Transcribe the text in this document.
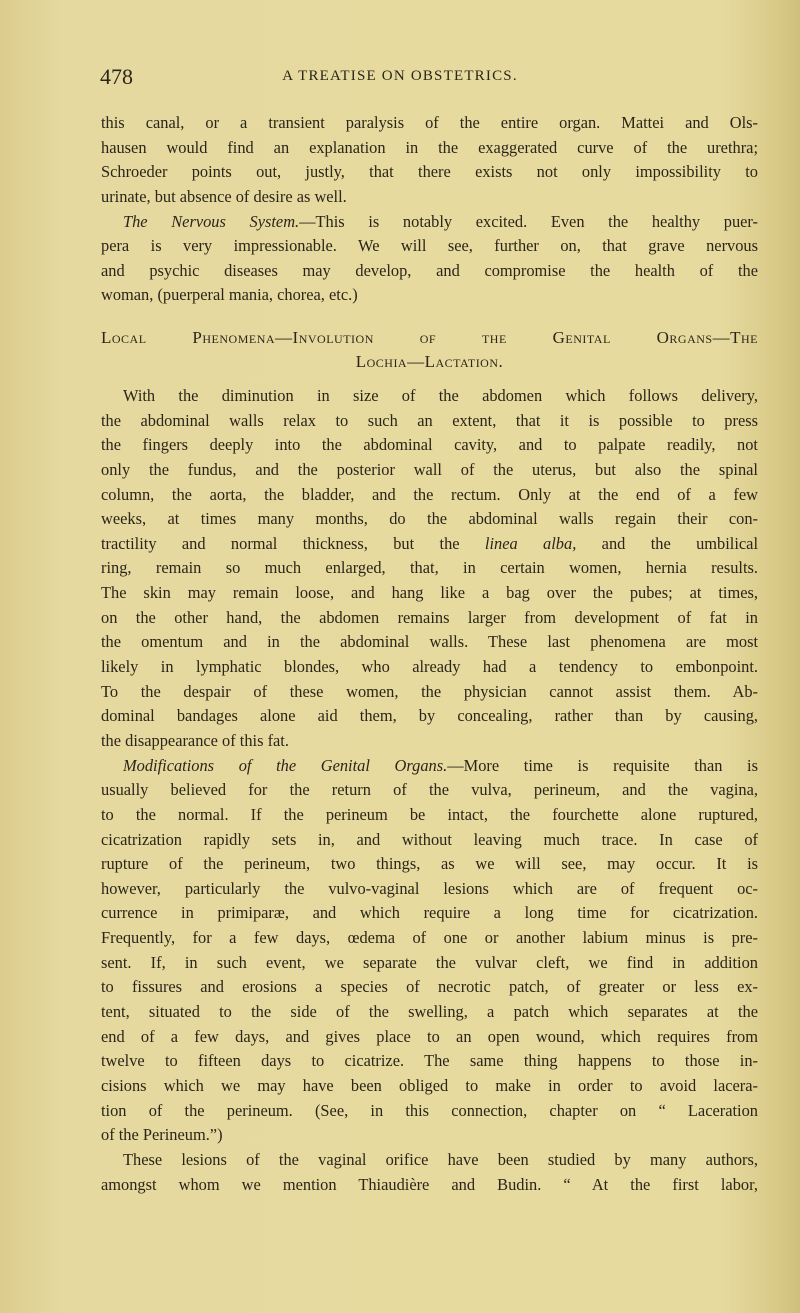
478	A TREATISE ON OBSTETRICS.
this canal, or a transient paralysis of the entire organ. Mattei and Ols-
hausen would find an explanation in the exaggerated curve of the urethra;
Schroeder points out, justly, that there exists not only impossibility to
urinate, but absence of desire as well.
The Nervous System.—This is notably excited. Even the healthy puer-
pera is very impressionable. We will see, further on, that grave nervous
and psychic diseases may develop, and compromise the health of the
woman, (puerperal mania, chorea, etc.)
Local Phenomena—Involution of the Genital Organs—The
Lochia—Lactation.
With the diminution in size of the abdomen which follows delivery,
the abdominal walls relax to such an extent, that it is possible to press
the fingers deeply into the abdominal cavity, and to palpate readily, not
only the fundus, and the posterior wall of the uterus, but also the spinal
column, the aorta, the bladder, and the rectum. Only at the end of a few
weeks, at times many months, do the abdominal walls regain their con-
tractility and normal thickness, but the linea alba, and the umbilical
ring, remain so much enlarged, that, in certain women, hernia results.
The skin may remain loose, and hang like a bag over the pubes; at times,
on the other hand, the abdomen remains larger from development of fat in
the omentum and in the abdominal walls. These last phenomena are most
likely in lymphatic blondes, who already had a tendency to embonpoint.
To the despair of these women, the physician cannot assist them. Ab-
dominal bandages alone aid them, by concealing, rather than by causing,
the disappearance of this fat.
Modifications of the Genital Organs.—More time is requisite than is
usually believed for the return of the vulva, perineum, and the vagina,
to the normal. If the perineum be intact, the fourchette alone ruptured,
cicatrization rapidly sets in, and without leaving much trace. In case of
rupture of the perineum, two things, as we will see, may occur. It is
however, particularly the vulvo-vaginal lesions which are of frequent oc-
currence in primiparæ, and which require a long time for cicatrization.
Frequently, for a few days, œdema of one or another labium minus is pre-
sent. If, in such event, we separate the vulvar cleft, we find in addition
to fissures and erosions a species of necrotic patch, of greater or less ex-
tent, situated to the side of the swelling, a patch which separates at the
end of a few days, and gives place to an open wound, which requires from
twelve to fifteen days to cicatrize. The same thing happens to those in-
cisions which we may have been obliged to make in order to avoid lacera-
tion of the perineum. (See, in this connection, chapter on “ Laceration
of the Perineum.”)
These lesions of the vaginal orifice have been studied by many authors,
amongst whom we mention Thiaudière and Budin. “ At the first labor,
